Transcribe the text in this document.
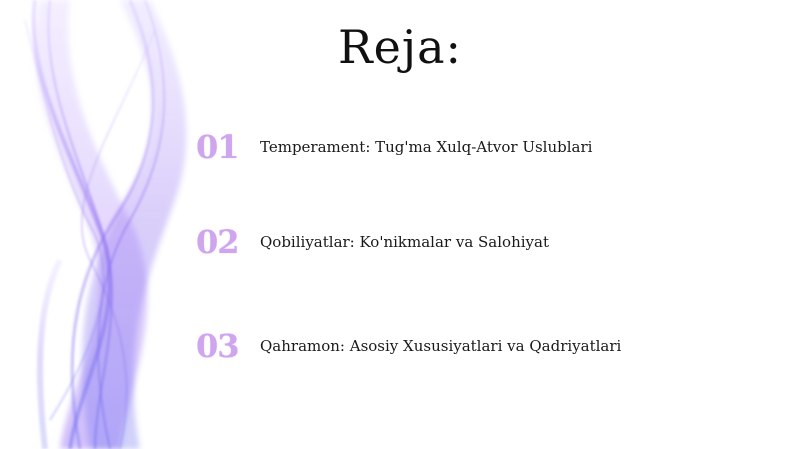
Reja:
01	Temperament: Tug'ma Xulq-Atvor Uslublari
02	Qobiliyatlar: Ko'nikmalar va Salohiyat
03	Qahramon: Asosiy Xususiyatlari va Qadriyatlari
